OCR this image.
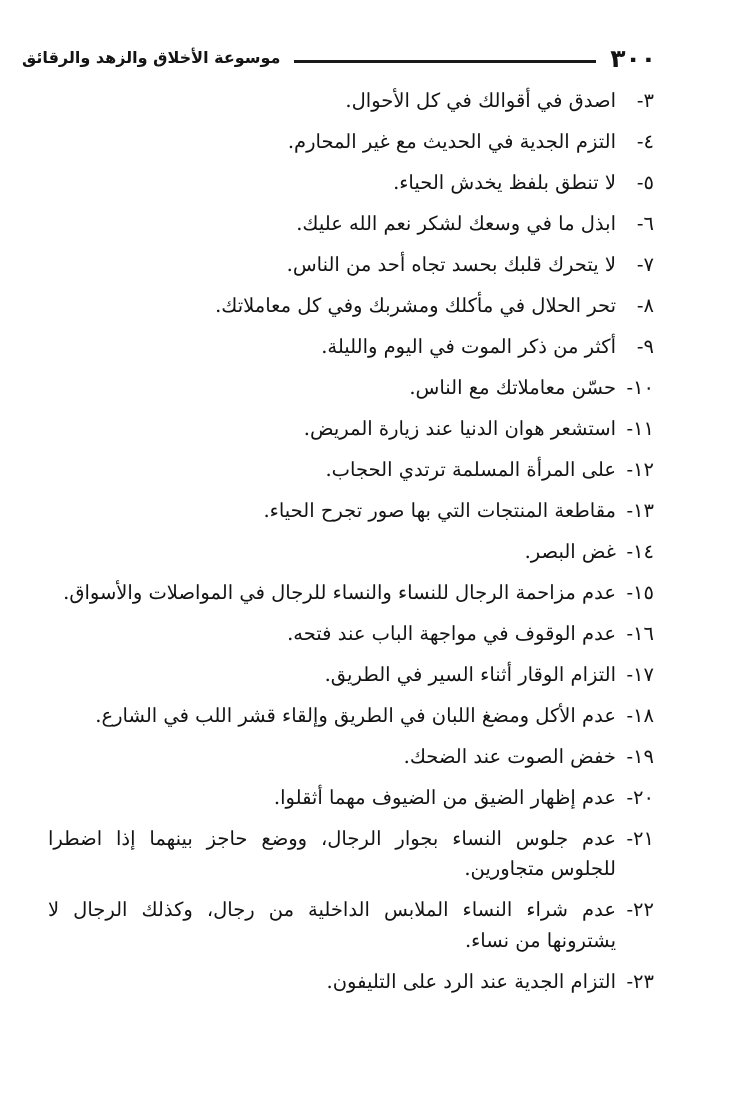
٣٠٠
موسوعة الأخلاق والزهد والرقائق
٣-
اصدق في أقوالك في كل الأحوال.
٤-
التزم الجدية في الحديث مع غير المحارم.
٥-
لا تنطق بلفظ يخدش الحياء.
٦-
ابذل ما في وسعك لشكر نعم الله عليك.
٧-
لا يتحرك قلبك بحسد تجاه أحد من الناس.
٨-
تحر الحلال في مأكلك ومشربك وفي كل معاملاتك.
٩-
أكثر من ذكر الموت في اليوم والليلة.
١٠-
حسّن معاملاتك مع الناس.
١١-
استشعر هوان الدنيا عند زيارة المريض.
١٢-
على المرأة المسلمة ترتدي الحجاب.
١٣-
مقاطعة المنتجات التي بها صور تجرح الحياء.
١٤-
غض البصر.
١٥-
عدم مزاحمة الرجال للنساء والنساء للرجال في المواصلات والأسواق.
١٦-
عدم الوقوف في مواجهة الباب عند فتحه.
١٧-
التزام الوقار أثناء السير في الطريق.
١٨-
عدم الأكل ومضغ اللبان في الطريق وإلقاء قشر اللب في الشارع.
١٩-
خفض الصوت عند الضحك.
٢٠-
عدم إظهار الضيق من الضيوف مهما أثقلوا.
٢١-
عدم جلوس النساء بجوار الرجال، ووضع حاجز بينهما إذا اضطرا للجلوس متجاورين.
٢٢-
عدم شراء النساء الملابس الداخلية من رجال، وكذلك الرجال لا يشترونها من نساء.
٢٣-
التزام الجدية عند الرد على التليفون.
